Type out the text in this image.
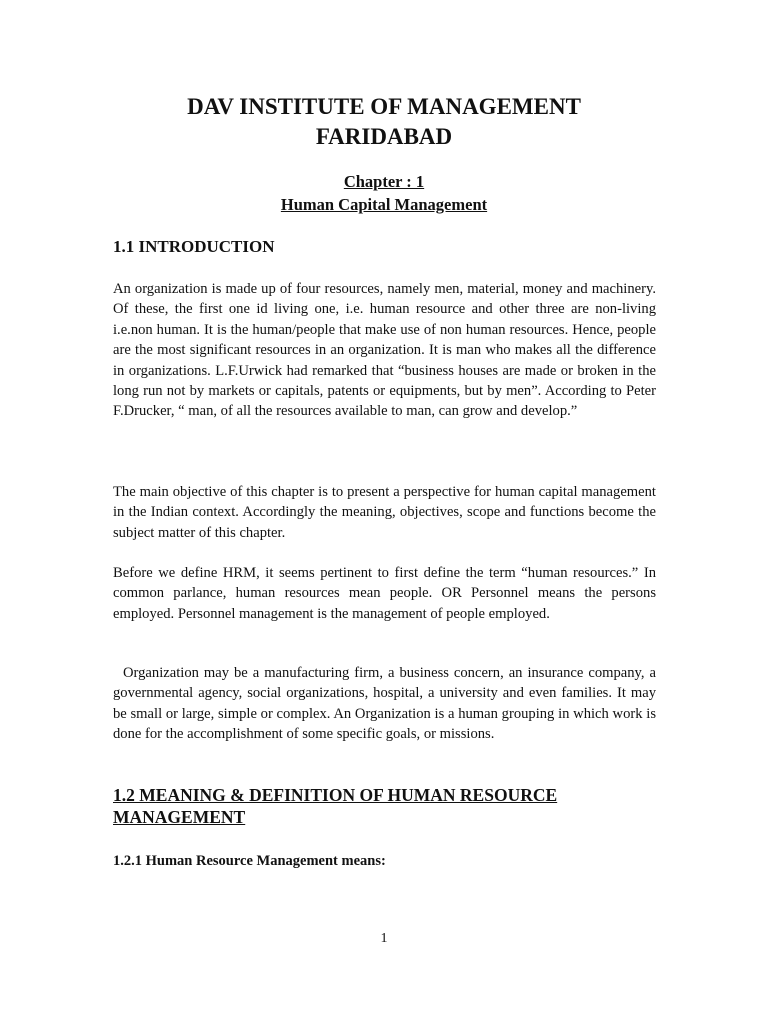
DAV INSTITUTE OF MANAGEMENT

FARIDABAD

Chapter : 1

Human Capital Management

1.1 INTRODUCTION

An organization is made up of four resources, namely men, material, money and machinery. Of these, the first one id living one, i.e. human resource and other three are non-living i.e.non human. It is the human/people that make use of non human resources. Hence, people are the most significant resources in an organization. It is man who makes all the difference in organizations. L.F.Urwick had remarked that “business houses are made or broken in the long run not by markets or capitals, patents or equipments, but by men”. According to Peter F.Drucker, “ man, of all the resources available to man, can grow and develop.”

The main objective of this chapter is to present a perspective for human capital management in the Indian context. Accordingly the meaning, objectives, scope and functions become the subject matter of this chapter.

Before we define HRM, it seems pertinent to first define the term “human resources.” In common parlance, human resources mean people. OR Personnel means the persons employed. Personnel management is the management of people employed.

Organization may be a manufacturing firm, a business concern, an insurance company, a governmental agency, social organizations, hospital, a university and even families. It may be small or large, simple or complex. An Organization is a human grouping in which work is done for the accomplishment of some specific goals, or missions.

1.2 MEANING & DEFINITION OF HUMAN RESOURCE MANAGEMENT

1.2.1 Human Resource Management means:

1
